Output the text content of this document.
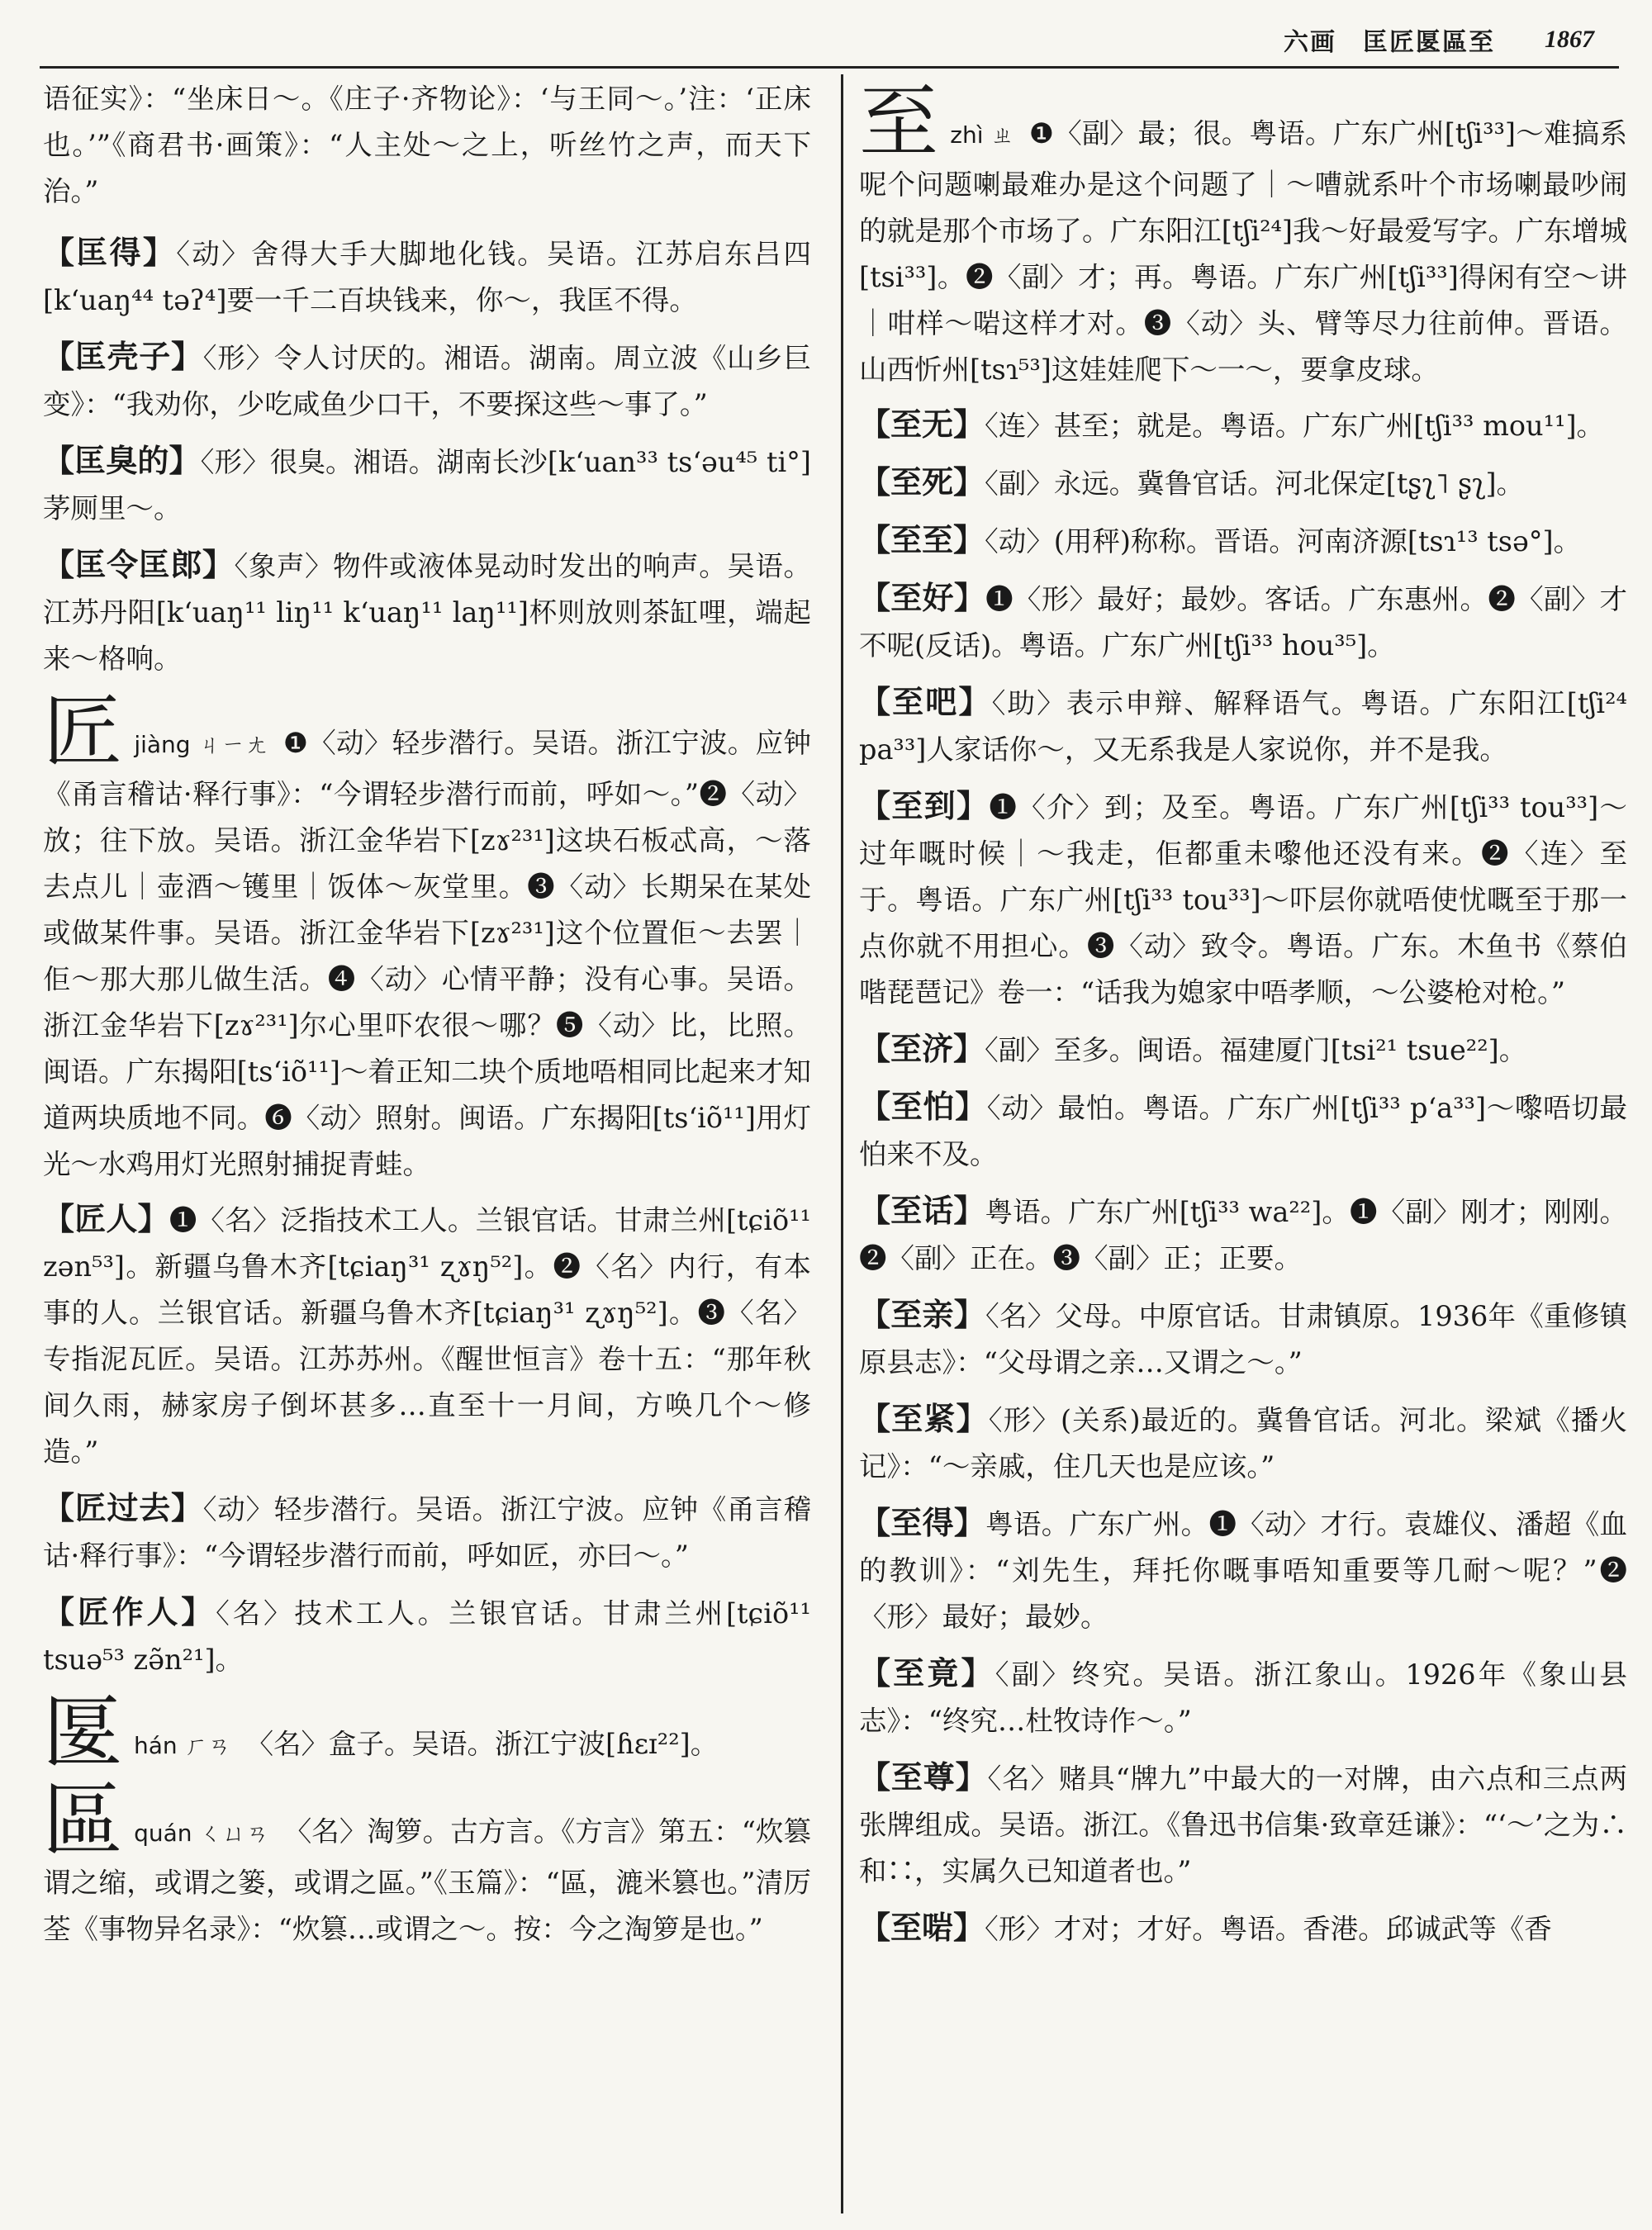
六画　匡匠匽區至 1867

语征实》：“坐床日～。《庄子·齐物论》：‘与王同～。’注：‘正床也。’”《商君书·画策》：“人主处～之上，听丝竹之声，而天下治。”

【匡得】〈动〉舍得大手大脚地化钱。吴语。江苏启东吕四[k‘uaŋ⁴⁴ təʔ⁴]要一千二百块钱来，你～，我匡不得。

【匡壳子】〈形〉令人讨厌的。湘语。湖南。周立波《山乡巨变》：“我劝你，少吃咸鱼少口干，不要探这些～事了。”

【匡臭的】〈形〉很臭。湘语。湖南长沙[k‘uan³³ ts‘əu⁴⁵ ti°]茅厕里～。

【匡令匡郎】〈象声〉物件或液体晃动时发出的响声。吴语。江苏丹阳[k‘uaŋ¹¹ liŋ¹¹ k‘uaŋ¹¹ laŋ¹¹]杯则放则茶缸哩，端起来～格响。

匠jiàng ㄐㄧㄤ ❶〈动〉轻步潜行。吴语。浙江宁波。应钟《甬言稽诂·释行事》：“今谓轻步潜行而前，呼如～。”❷〈动〉放；往下放。吴语。浙江金华岩下[zɤ²³¹]这块石板忒高，～落去点儿｜壶酒～镬里｜饭体～灰堂里。❸〈动〉长期呆在某处或做某件事。吴语。浙江金华岩下[zɤ²³¹]这个位置佢～去罢｜佢～那大那儿做生活。❹〈动〉心情平静；没有心事。吴语。浙江金华岩下[zɤ²³¹]尔心里吓农很～哪？❺〈动〉比，比照。闽语。广东揭阳[ts‘iõ¹¹]～着正知二块个质地唔相同比起来才知道两块质地不同。❻〈动〉照射。闽语。广东揭阳[ts‘iõ¹¹]用灯光～水鸡用灯光照射捕捉青蛙。

【匠人】❶〈名〉泛指技术工人。兰银官话。甘肃兰州[tɕiõ¹¹ zən⁵³]。新疆乌鲁木齐[tɕiaŋ³¹ ʐɤŋ⁵²]。❷〈名〉内行，有本事的人。兰银官话。新疆乌鲁木齐[tɕiaŋ³¹ ʐɤŋ⁵²]。❸〈名〉专指泥瓦匠。吴语。江苏苏州。《醒世恒言》卷十五：“那年秋间久雨，赫家房子倒坏甚多…直至十一月间，方唤几个～修造。”

【匠过去】〈动〉轻步潜行。吴语。浙江宁波。应钟《甬言稽诂·释行事》：“今谓轻步潜行而前，呼如匠，亦曰～。”

【匠作人】〈名〉技术工人。兰银官话。甘肃兰州[tɕiõ¹¹ tsuə⁵³ zə̃n²¹]。

匽hán ㄏㄢ 〈名〉盒子。吴语。浙江宁波[ɦɛɪ²²]。

區quán ㄑㄩㄢ 〈名〉淘箩。古方言。《方言》第五：“炊篡谓之缩，或谓之篓，或谓之區。”《玉篇》：“區，漉米篡也。”清厉荃《事物异名录》：“炊篡…或谓之～。按：今之淘箩是也。”

至zhì ㄓ ❶〈副〉最；很。粤语。广东广州[tʃi³³]～难搞系呢个问题喇最难办是这个问题了｜～嘈就系叶个市场喇最吵闹的就是那个市场了。广东阳江[tʃi²⁴]我～好最爱写字。广东增城[tsi³³]。❷〈副〉才；再。粤语。广东广州[tʃi³³]得闲有空～讲｜咁样～啱这样才对。❸〈动〉头、臂等尽力往前伸。晋语。山西忻州[tsɿ⁵³]这娃娃爬下～一～，要拿皮球。

【至无】〈连〉甚至；就是。粤语。广东广州[tʃi³³ mou¹¹]。

【至死】〈副〉永远。冀鲁官话。河北保定[tʂʅ˥ ʂʅ]。

【至至】〈动〉(用秤)称称。晋语。河南济源[tsɿ¹³ tsə°]。

【至好】❶〈形〉最好；最妙。客话。广东惠州。❷〈副〉才不呢(反话)。粤语。广东广州[tʃi³³ hou³⁵]。

【至吧】〈助〉表示申辩、解释语气。粤语。广东阳江[tʃi²⁴ pa³³]人家话你～，又无系我是人家说你，并不是我。

【至到】❶〈介〉到；及至。粤语。广东广州[tʃi³³ tou³³]～过年嘅时候｜～我走，佢都重未嚟他还没有来。❷〈连〉至于。粤语。广东广州[tʃi³³ tou³³]～吓层你就唔使忧嘅至于那一点你就不用担心。❸〈动〉致令。粤语。广东。木鱼书《蔡伯喈琵琶记》卷一：“话我为媳家中唔孝顺，～公婆枪对枪。”

【至济】〈副〉至多。闽语。福建厦门[tsi²¹ tsue²²]。

【至怕】〈动〉最怕。粤语。广东广州[tʃi³³ p‘a³³]～嚟唔切最怕来不及。

【至话】粤语。广东广州[tʃi³³ wa²²]。❶〈副〉刚才；刚刚。❷〈副〉正在。❸〈副〉正；正要。

【至亲】〈名〉父母。中原官话。甘肃镇原。1936年《重修镇原县志》：“父母谓之亲…又谓之～。”

【至紧】〈形〉(关系)最近的。冀鲁官话。河北。梁斌《播火记》：“～亲戚，住几天也是应该。”

【至得】粤语。广东广州。❶〈动〉才行。袁雄仪、潘超《血的教训》：“刘先生，拜托你嘅事唔知重要等几耐～呢？”❷〈形〉最好；最妙。

【至竟】〈副〉终究。吴语。浙江象山。1926年《象山县志》：“终究…杜牧诗作～。”

【至尊】〈名〉赌具“牌九”中最大的一对牌，由六点和三点两张牌组成。吴语。浙江。《鲁迅书信集·致章廷谦》：“‘～’之为∴和∷，实属久已知道者也。”

【至啱】〈形〉才对；才好。粤语。香港。邱诚武等《香
